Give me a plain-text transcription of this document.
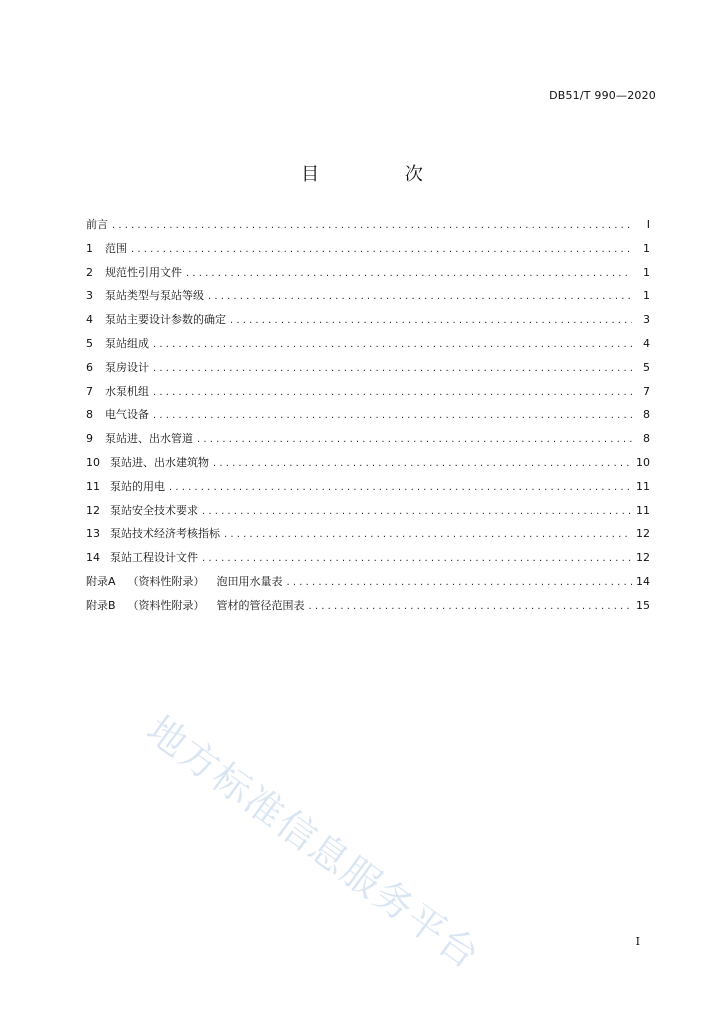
DB51/T 990—2020
目 次
前言 . . .	I
1	范围 . . .	1
2	规范性引用文件 . . .	1
3	泵站类型与泵站等级 . . .	1
4	泵站主要设计参数的确定 . . .	3
5	泵站组成 . . .	4
6	泵房设计 . . .	5
7	水泵机组 . . .	7
8	电气设备 . . .	8
9	泵站进、出水管道 . . .	8
10 泵站进、出水建筑物 . . .	10
11 泵站的用电 . . .	11
12 泵站安全技术要求 . . .	11
13 泵站技术经济考核指标 . . .	12
14 泵站工程设计文件 . . .	12
附录A （资料性附录） 泡田用水量表 . . .	14
附录B （资料性附录） 管材的管径范围表 . . .	15
地方标准信息服务平台	I
